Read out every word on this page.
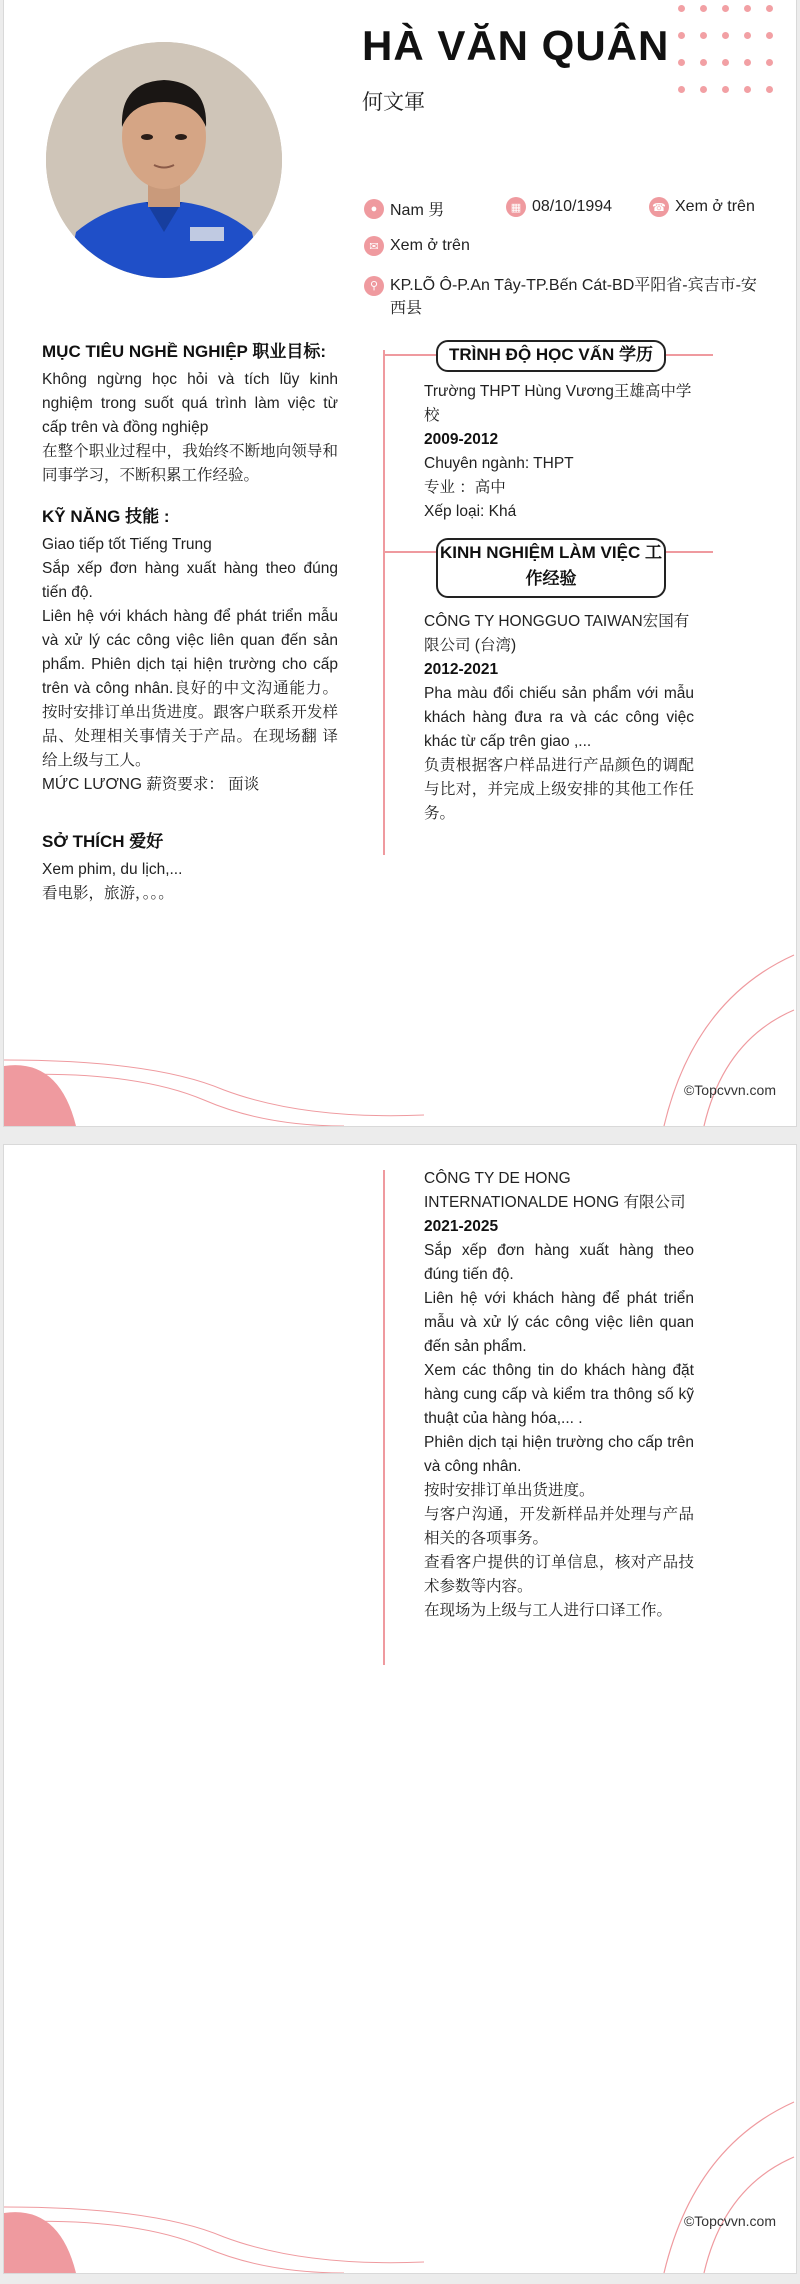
HÀ VĂN QUÂN
何文軍
● Nam 男	▦ 08/10/1994	☎ Xem ở trên
✉ Xem ở trên
⚲ KP.LÕ Ô-P.An Tây-TP.Bến Cát-BD平阳省-宾吉市-安西县
MỤC TIÊU NGHỀ NGHIỆP 职业目标:

Không ngừng học hỏi và tích lũy kinh nghiệm trong suốt quá trình làm việc từ cấp trên và đồng nghiệp

在整个职业过程中，我始终不断地向领导和同事学习，不断积累工作经验。

KỸ NĂNG 技能 :

Giao tiếp tốt Tiếng Trung

Sắp xếp đơn hàng xuất hàng theo đúng tiến độ.

Liên hệ với khách hàng để phát triển mẫu và xử lý các công việc liên quan đến sản phẩm. Phiên dịch tại hiện trường cho cấp trên và công nhân.良好的中文沟通能力。按时安排订单出货进度。跟客户联系开发样品、处理相关事情关于产品。在现场翻 译给上级与工人。

MỨC LƯƠNG 薪资要求： 面谈

SỞ THÍCH 爱好

Xem phim, du lịch,...

看电影，旅游，。。。

TRÌNH ĐỘ HỌC VẤN 学历

Trường THPT Hùng Vương王雄高中学校

2009-2012

Chuyên ngành: THPT

专业 ：高中

Xếp loại: Khá

KINH NGHIỆM LÀM VIỆC 工作经验

CÔNG TY HONGGUO TAIWAN宏国有限公司 (台湾)

2012-2021

Pha màu đổi chiếu sản phẩm với mẫu khách hàng đưa ra và các công việc khác từ cấp trên giao ,...

负责根据客户样品进行产品颜色的调配与比对，并完成上级安排的其他工作任务。

©Topcvvn.com

CÔNG TY DE HONG INTERNATIONALDE HONG 有限公司

2021-2025

Sắp xếp đơn hàng xuất hàng theo đúng tiến độ.

Liên hệ với khách hàng để phát triển mẫu và xử lý các công việc liên quan đến sản phẩm.

Xem các thông tin do khách hàng đặt hàng cung cấp và kiểm tra thông số kỹ thuật của hàng hóa,... .

Phiên dịch tại hiện trường cho cấp trên và công nhân.

按时安排订单出货进度。

与客户沟通，开发新样品并处理与产品相关的各项事务。

查看客户提供的订单信息，核对产品技术参数等内容。

在现场为上级与工人进行口译工作。

©Topcvvn.com
